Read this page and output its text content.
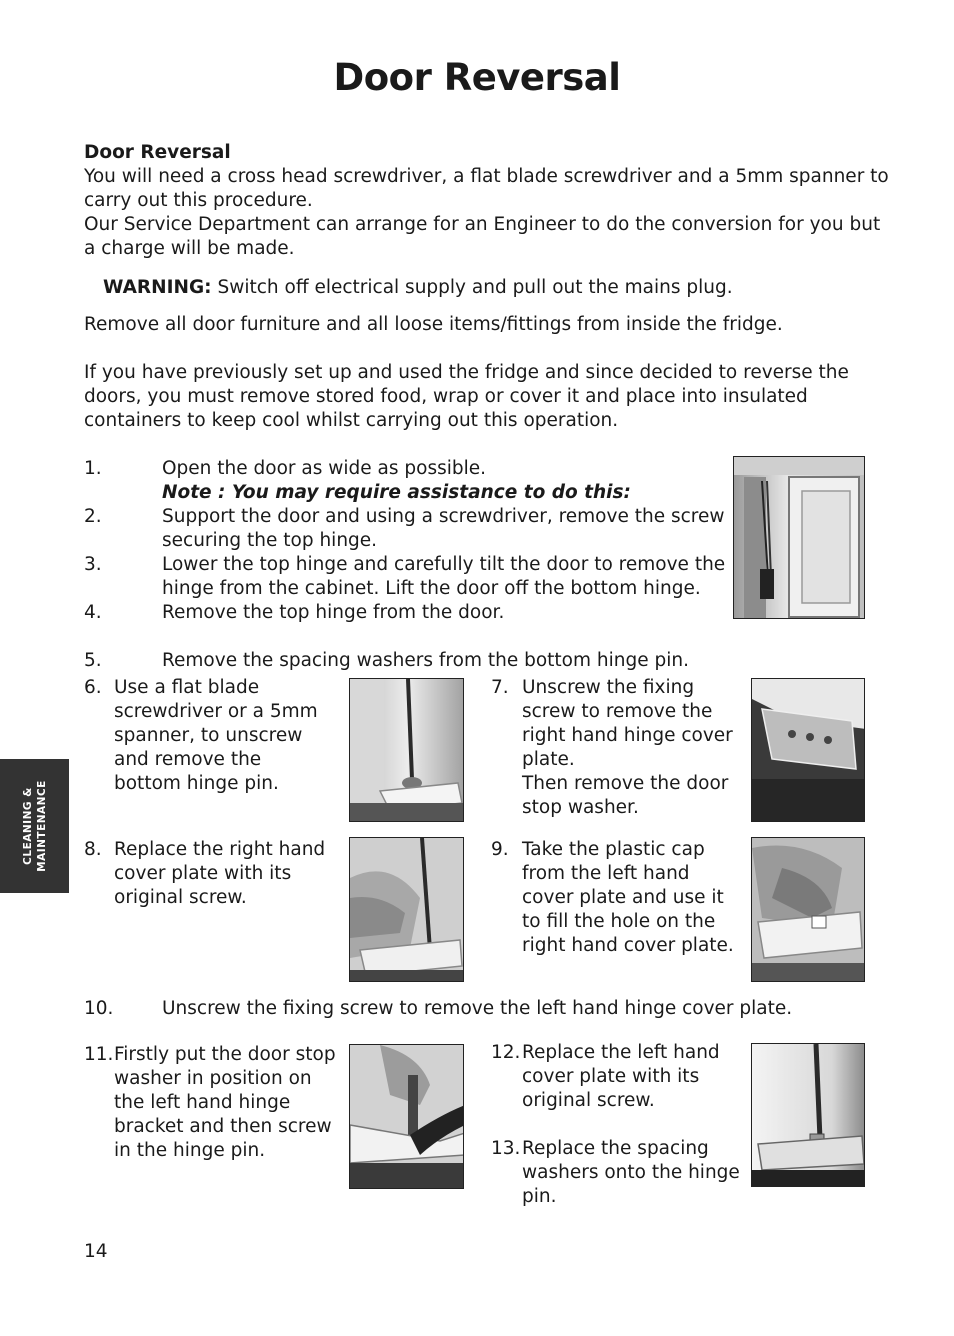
Door Reversal
Door Reversal
You will need a cross head screwdriver, a flat blade screwdriver and a 5mm spanner to
carry out this procedure.
Our Service Department can arrange for an Engineer to do the conversion for you but
a charge will be made.
WARNING: Switch off electrical supply and pull out the mains plug.
Remove all door furniture and all loose items/fittings from inside the fridge.
If you have previously set up and used the fridge and since decided to reverse the
doors, you must remove stored food, wrap or cover it and place into insulated
containers to keep cool whilst carrying out this operation.
1.	Open the door as wide as possible.
Note : You may require assistance to do this:
2.	Support the door and using a screwdriver, remove the screw
securing the top hinge.
3.	Lower the top hinge and carefully tilt the door to remove the
hinge from the cabinet. Lift the door off the bottom hinge.
4.	Remove the top hinge from the door.
5.	Remove the spacing washers from the bottom hinge pin.
6. Use a flat blade
screwdriver or a 5mm
spanner, to unscrew
and remove the
bottom hinge pin.
7. Unscrew the fixing
screw to remove the
right hand hinge cover
plate.
Then remove the door
stop washer.
8. Replace the right hand
cover plate with its
original screw.
9. Take the plastic cap
from the left hand
cover plate and use it
to fill the hole on the
right hand cover plate.
10.	Unscrew the fixing screw to remove the left hand hinge cover plate.
11. Firstly put the door stop
washer in position on
the left hand hinge
bracket and then screw
in the hinge pin.
12. Replace the left hand
cover plate with its
original screw.
13. Replace the spacing
washers onto the hinge
pin.
CLEANING & MAINTENANCE
14
